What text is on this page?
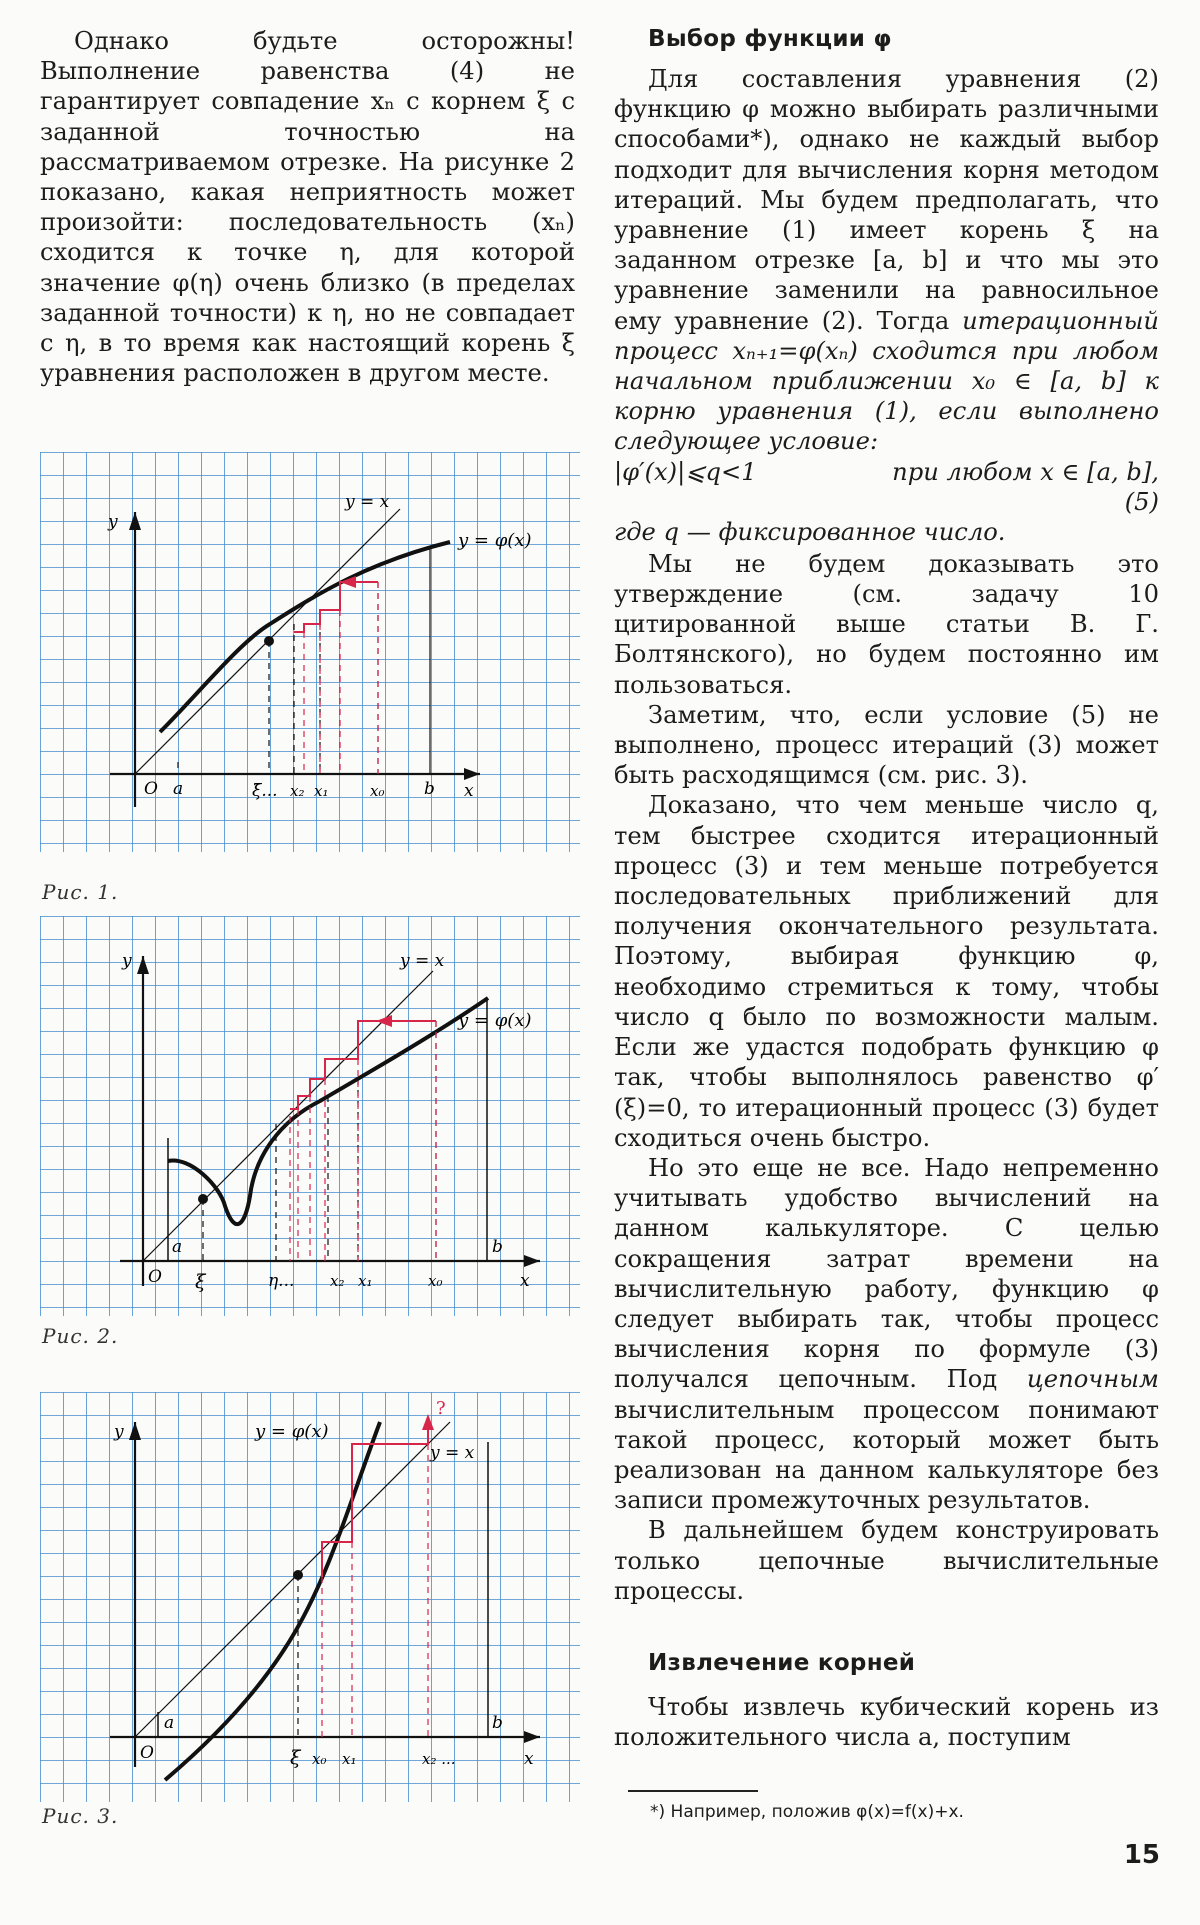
Однако будьте осторожны! Выполнение равенства (4) не гарантирует совпадение xₙ с корнем ξ с заданной точностью на рассматриваемом отрезке. На рисунке 2 показано, какая неприятность может произойти: последовательность (xₙ) сходится к точке η, для которой значение φ(η) очень близко (в пределах заданной точности) к η, но не совпадает с η, в то время как настоящий корень ξ уравнения расположен в другом месте.

y
y = x
y = φ(x)
O a	ξ̄... x₂ x₁	x₀ b x
Рис. 1.
y	y = x
y = φ(x)
O
a
ξ	η... x₂ x₁	x₀
b
x
Рис. 2.
?
y	y = φ(x)
y = x
O
a
ξ x₀ x₁	x₂ ...
b
x
Рис. 3.
Выбор функции φ

Для составления уравнения (2) функцию φ можно выбирать различными способами*), однако не каждый выбор подходит для вычисления корня методом итераций. Мы будем предполагать, что уравнение (1) имеет корень ξ на заданном отрезке [a, b] и что мы это уравнение заменили на равносильное ему уравнение (2). Тогда итерационный процесс xₙ₊₁=φ(xₙ) сходится при любом начальном приближении x₀ ∈ [a, b] к корню уравнения (1), если выполнено следующее условие:

|φ′(x)|⩽q<1	при любом x ∈ [a, b],
(5)

где q — фиксированное число.

Мы не будем доказывать это утверждение (см. задачу 10 цитированной выше статьи В. Г. Болтянского), но будем постоянно им пользоваться.

Заметим, что, если условие (5) не выполнено, процесс итераций (3) может быть расходящимся (см. рис. 3).

Доказано, что чем меньше число q, тем быстрее сходится итерационный процесс (3) и тем меньше потребуется последовательных приближений для получения окончательного результата. Поэтому, выбирая функцию φ, необходимо стремиться к тому, чтобы число q было по возможности малым. Если же удастся подобрать функцию φ так, чтобы выполнялось равенство φ′(ξ)=0, то итерационный процесс (3) будет сходиться очень быстро.

Но это еще не все. Надо непременно учитывать удобство вычислений на данном калькуляторе. С целью сокращения затрат времени на вычислительную работу, функцию φ следует выбирать так, чтобы процесс вычисления корня по формуле (3) получался цепочным. Под цепочным вычислительным процессом понимают такой процесс, который может быть реализован на данном калькуляторе без записи промежуточных результатов.

В дальнейшем будем конструировать только цепочные вычислительные процессы.

Извлечение корней

Чтобы извлечь кубический корень из положительного числа a, поступим

*) Например, положив φ(x)=f(x)+x.
15
